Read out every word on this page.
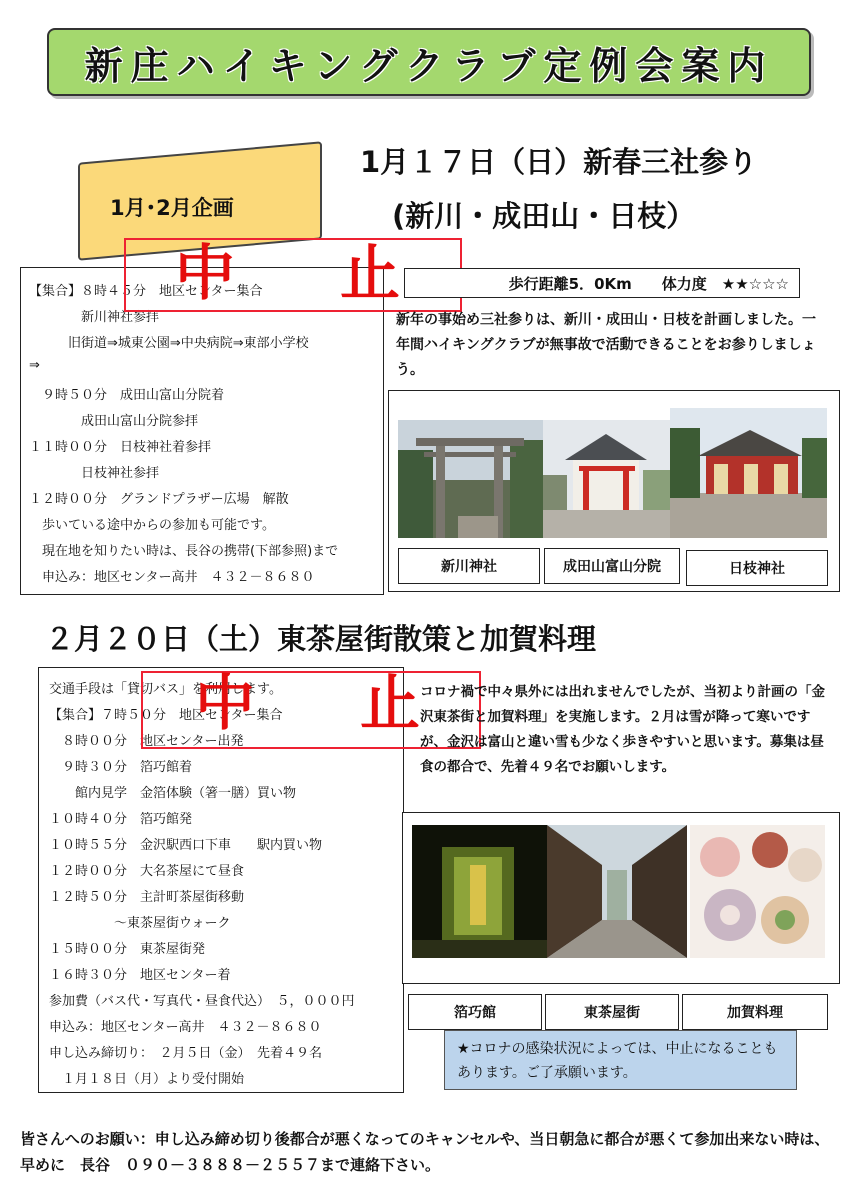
新庄ハイキングクラブ定例会案内
1月･2月企画
1月１７日（日）新春三社参り
(新川・成田山・日枝）
【集合】８時４５分　地区センター集合
　　　　新川神社参拝
　　　旧街道⇒城東公園⇒中央病院⇒東部小学校
⇒
　９時５０分　成田山富山分院着
　　　　成田山富山分院参拝
１１時００分　日枝神社着参拝
　　　　日枝神社参拝
１２時００分　グランドプラザー広場　解散
　歩いている途中からの参加も可能です。
　現在地を知りたい時は、長谷の携帯(下部参照)まで
　申込み：地区センター高井　４３２－８６８０
中 止	歩行距離5．0Km　　体力度　★★☆☆☆
新年の事始め三社参りは、新川・成田山・日枝を計画しました。一年間ハイキングクラブが無事故で活動できることをお参りしましょう。
新川神社	成田山富山分院	日枝神社
２月２０日（土）東茶屋街散策と加賀料理
交通手段は「貸切バス」を利用します。
【集合】７時５０分　地区センター集合
　８時００分　地区センター出発
　９時３０分　箔巧館着
　　館内見学　金箔体験（箸一膳）買い物
１０時４０分　箔巧館発
１０時５５分　金沢駅西口下車　　駅内買い物
１２時００分　大名茶屋にて昼食
１２時５０分　主計町茶屋街移動
　　　　　～東茶屋街ウォーク
１５時００分　東茶屋街発
１６時３０分　地区センター着
参加費（バス代・写真代・昼食代込）　５，０００円
申込み：地区センター高井　４３２－８６８０
申し込み締切り：　２月５日（金）　先着４９名
　１月１８日（月）より受付開始
中 止 コロナ禍で中々県外には出れませんでしたが、当初より計画の「金沢東茶街と加賀料理」を実施します。２月は雪が降って寒いですが、金沢は富山と違い雪も少なく歩きやすいと思います。募集は昼食の都合で、先着４９名でお願いします。
箔巧館	東茶屋街	加賀料理
★コロナの感染状況によっては、中止になることもあります。ご了承願います。
皆さんへのお願い：申し込み締め切り後都合が悪くなってのキャンセルや、当日朝急に都合が悪くて参加出来ない時は、早めに　長谷　０９０－３８８８－２５５７まで連絡下さい。
